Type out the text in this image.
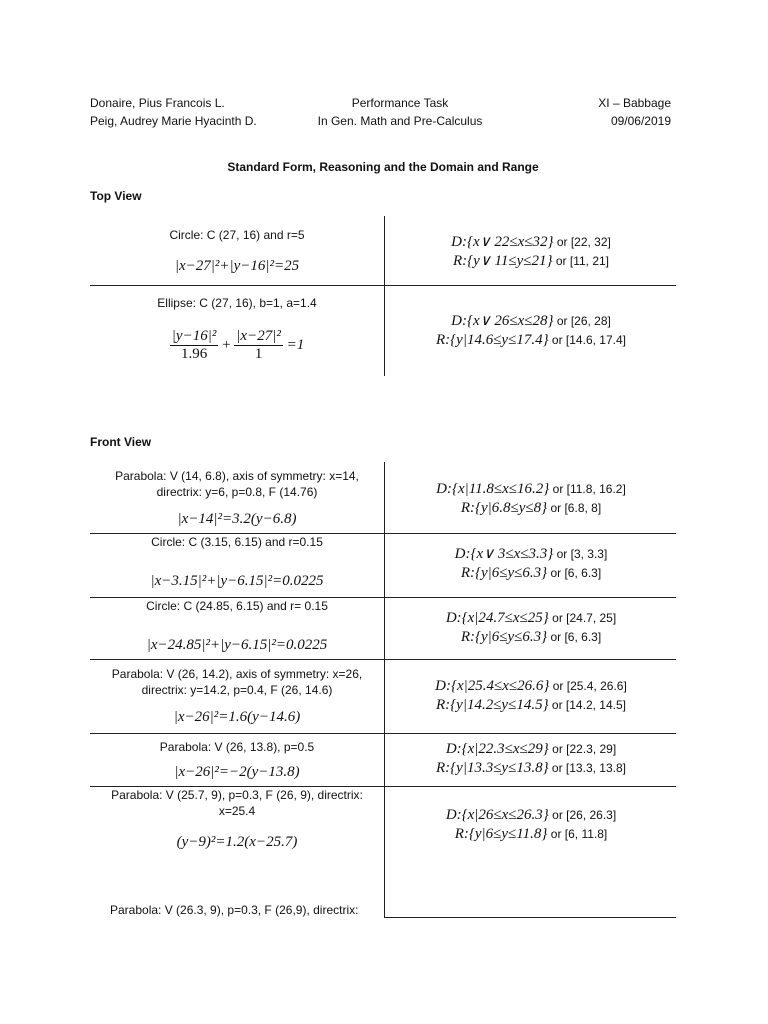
Donaire, Pius Francois L.
Peig, Audrey Marie Hyacinth D.
Performance Task
In Gen. Math and Pre-Calculus
XI – Babbage
09/06/2019
Standard Form, Reasoning and the Domain and Range
Top View
Circle: C (27, 16) and r=5
|x−27|²+|y−16|²=25
D:{x∨ 22≤x≤32} or [22, 32]
R:{y∨ 11≤y≤21} or [11, 21]
Ellipse: C (27, 16), b=1, a=1.4
$\frac{\text{|y−16|²}}{1.96} + \frac{\text{|x−27|²}}{1} =1$
D:{x∨ 26≤x≤28} or [26, 28]
R:{y|14.6≤y≤17.4} or [14.6, 17.4]
Front View
Parabola: V (14, 6.8), axis of symmetry: x=14,
directrix: y=6, p=0.8, F (14.76)
|x−14|²=3.2(y−6.8)
D:{x|11.8≤x≤16.2} or [11.8, 16.2]
R:{y|6.8≤y≤8} or [6.8, 8]
Circle: C (3.15, 6.15) and r=0.15
|x−3.15|²+|y−6.15|²=0.0225
D:{x∨ 3≤x≤3.3} or [3, 3.3]
R:{y|6≤y≤6.3} or [6, 6.3]
Circle: C (24.85, 6.15) and r= 0.15
|x−24.85|²+|y−6.15|²=0.0225
D:{x|24.7≤x≤25} or [24.7, 25]
R:{y|6≤y≤6.3} or [6, 6.3]
Parabola: V (26, 14.2), axis of symmetry: x=26,
directrix: y=14.2, p=0.4, F (26, 14.6)
|x−26|²=1.6(y−14.6)
D:{x|25.4≤x≤26.6} or [25.4, 26.6]
R:{y|14.2≤y≤14.5} or [14.2, 14.5]
Parabola: V (26, 13.8), p=0.5
|x−26|²=−2(y−13.8)
D:{x|22.3≤x≤29} or [22.3, 29]
R:{y|13.3≤y≤13.8} or [13.3, 13.8]
Parabola: V (25.7, 9), p=0.3, F (26, 9), directrix:
x=25.4
(y−9)²=1.2(x−25.7)
D:{x|26≤x≤26.3} or [26, 26.3]
R:{y|6≤y≤11.8} or [6, 11.8]
Parabola: V (26.3, 9), p=0.3, F (26,9), directrix:
